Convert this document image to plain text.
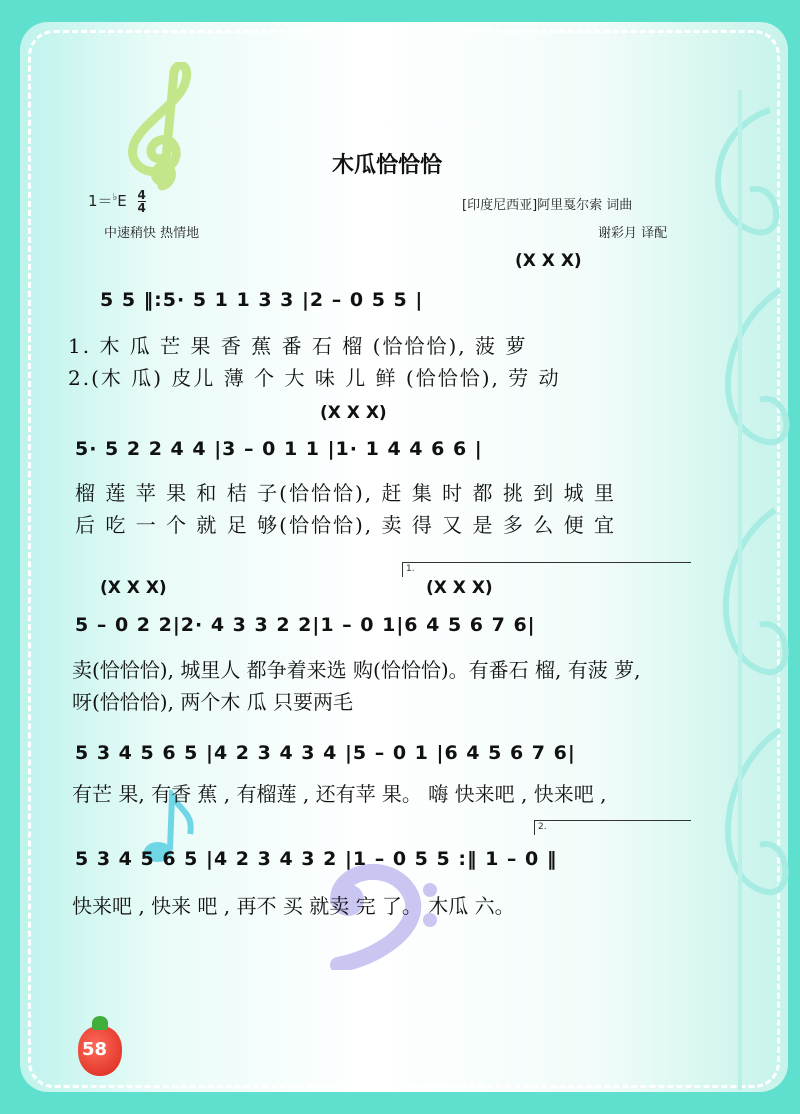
木瓜恰恰恰
$1=^♭E \frac{4}{4}$
中速稍快 热情地
[印度尼西亚]阿里戛尔索 词曲
谢彩月 译配
(X X X)
5 5 ‖:5· 5 1 1 3 3 |2 – 0 5 5 |
1. 木 瓜 芒 果 香 蕉 番 石 榴 (恰恰恰), 菠 萝
2.(木 瓜) 皮儿 薄 个 大 味 儿 鲜 (恰恰恰), 劳 动
(X X X)
5· 5 2 2 4 4 |3 – 0 1 1 |1· 1 4 4 6 6 |
榴 莲 苹 果 和 桔 子(恰恰恰), 赶 集 时 都 挑 到 城 里
后 吃 一 个 就 足 够(恰恰恰), 卖 得 又 是 多 么 便 宜
1.
(X X X)	(X X X)
5 – 0 2 2|2· 4 3 3 2 2|1 – 0 1|6 4 5 6 7 6|
卖(恰恰恰), 城里人 都争着来选 购(恰恰恰)。有番石 榴, 有菠 萝,
呀(恰恰恰), 两个木 瓜 只要两毛
5 3 4 5 6 5 |4 2 3 4 3 4 |5 – 0 1 |6 4 5 6 7 6|
有芒 果, 有香 蕉 , 有榴莲 , 还有苹 果。 嗨 快来吧 , 快来吧 ,
2.
5 3 4 5 6 5 |4 2 3 4 3 2 |1 – 0 5 5 :‖ 1 – 0 ‖
快来吧 , 快来 吧 , 再不 买 就卖 完 了。 木瓜 六。
58
